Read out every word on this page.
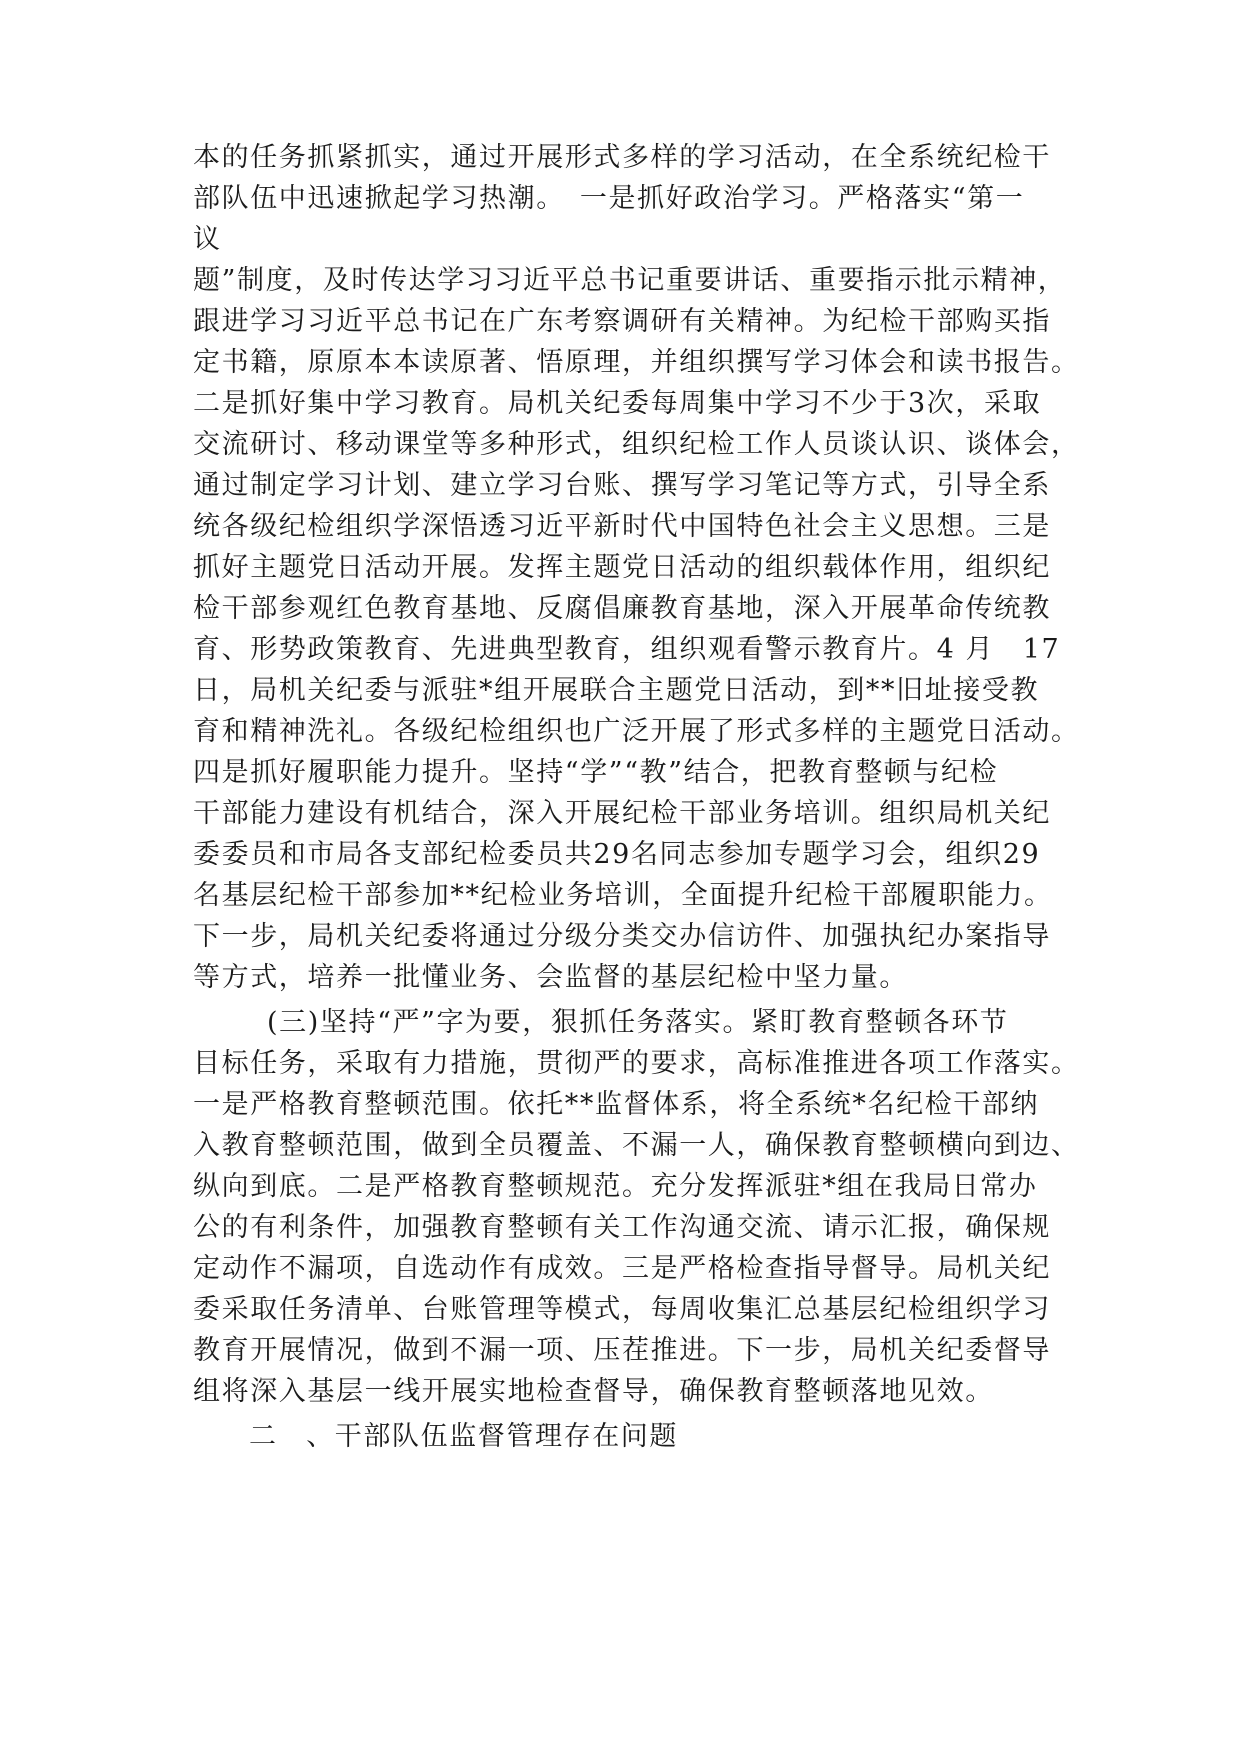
本的任务抓紧抓实，通过开展形式多样的学习活动，在全系统纪检干
部队伍中迅速掀起学习热潮。　一是抓好政治学习。严格落实“第一
议
题”制度，及时传达学习习近平总书记重要讲话、重要指示批示精神，
跟进学习习近平总书记在广东考察调研有关精神。为纪检干部购买指
定书籍，原原本本读原著、悟原理，并组织撰写学习体会和读书报告。
二是抓好集中学习教育。局机关纪委每周集中学习不少于3次，采取
交流研讨、移动课堂等多种形式，组织纪检工作人员谈认识、谈体会，
通过制定学习计划、建立学习台账、撰写学习笔记等方式，引导全系
统各级纪检组织学深悟透习近平新时代中国特色社会主义思想。三是
抓好主题党日活动开展。发挥主题党日活动的组织载体作用，组织纪
检干部参观红色教育基地、反腐倡廉教育基地，深入开展革命传统教
育、形势政策教育、先进典型教育，组织观看警示教育片。4 月　17
日，局机关纪委与派驻*组开展联合主题党日活动，到**旧址接受教
育和精神洗礼。各级纪检组织也广泛开展了形式多样的主题党日活动。
四是抓好履职能力提升。坚持“学”“教”结合，把教育整顿与纪检
干部能力建设有机结合，深入开展纪检干部业务培训。组织局机关纪
委委员和市局各支部纪检委员共29名同志参加专题学习会，组织29
名基层纪检干部参加**纪检业务培训，全面提升纪检干部履职能力。
下一步，局机关纪委将通过分级分类交办信访件、加强执纪办案指导
等方式，培养一批懂业务、会监督的基层纪检中坚力量。
(三)坚持“严”字为要，狠抓任务落实。紧盯教育整顿各环节
目标任务，采取有力措施，贯彻严的要求，高标准推进各项工作落实。
一是严格教育整顿范围。依托**监督体系，将全系统*名纪检干部纳
入教育整顿范围，做到全员覆盖、不漏一人，确保教育整顿横向到边、
纵向到底。二是严格教育整顿规范。充分发挥派驻*组在我局日常办
公的有利条件，加强教育整顿有关工作沟通交流、请示汇报，确保规
定动作不漏项，自选动作有成效。三是严格检查指导督导。局机关纪
委采取任务清单、台账管理等模式，每周收集汇总基层纪检组织学习
教育开展情况，做到不漏一项、压茬推进。下一步，局机关纪委督导
组将深入基层一线开展实地检查督导，确保教育整顿落地见效。
二　、干部队伍监督管理存在问题
